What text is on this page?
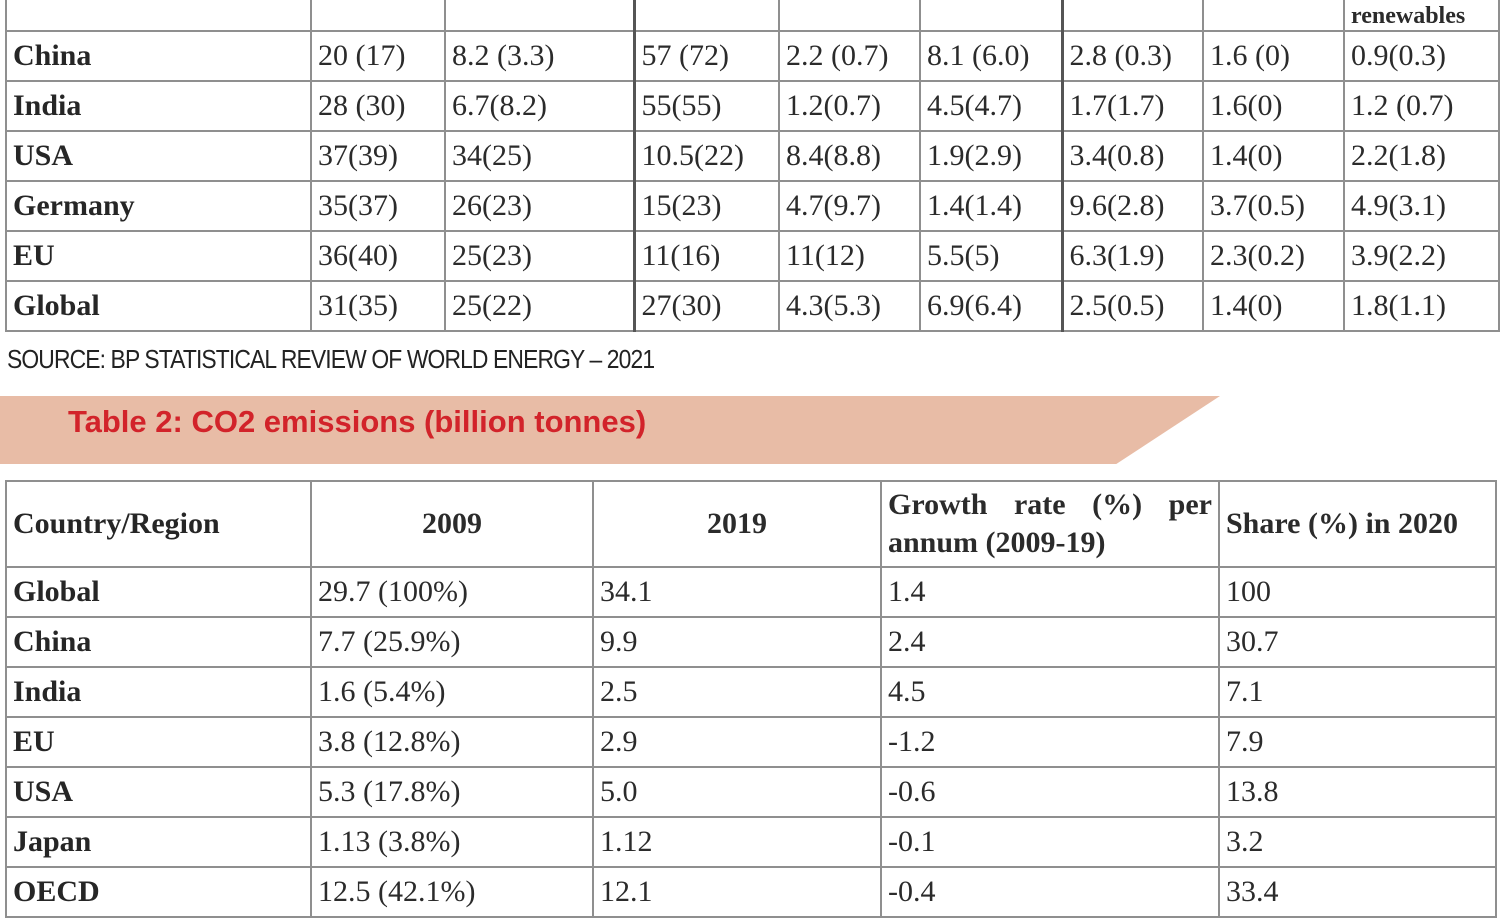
								renewables
China	20 (17)	8.2 (3.3)	57 (72)	2.2 (0.7)	8.1 (6.0)	2.8 (0.3)	1.6 (0)	0.9(0.3)
India	28 (30)	6.7(8.2)	55(55)	1.2(0.7)	4.5(4.7)	1.7(1.7)	1.6(0)	1.2 (0.7)
USA	37(39)	34(25)	10.5(22)	8.4(8.8)	1.9(2.9)	3.4(0.8)	1.4(0)	2.2(1.8)
Germany	35(37)	26(23)	15(23)	4.7(9.7)	1.4(1.4)	9.6(2.8)	3.7(0.5)	4.9(3.1)
EU	36(40)	25(23)	11(16)	11(12)	5.5(5)	6.3(1.9)	2.3(0.2)	3.9(2.2)
Global	31(35)	25(22)	27(30)	4.3(5.3)	6.9(6.4)	2.5(0.5)	1.4(0)	1.8(1.1)
SOURCE: BP STATISTICAL REVIEW OF WORLD ENERGY – 2021
Table 2: CO2 emissions (billion tonnes)
Country/Region	2009	2019	Growth rate (%) per annum (2009-19)	Share (%) in 2020
Global	29.7 (100%)	34.1	1.4	100
China	7.7 (25.9%)	9.9	2.4	30.7
India	1.6 (5.4%)	2.5	4.5	7.1
EU	3.8 (12.8%)	2.9	-1.2	7.9
USA	5.3 (17.8%)	5.0	-0.6	13.8
Japan	1.13 (3.8%)	1.12	-0.1	3.2
OECD	12.5 (42.1%)	12.1	-0.4	33.4
